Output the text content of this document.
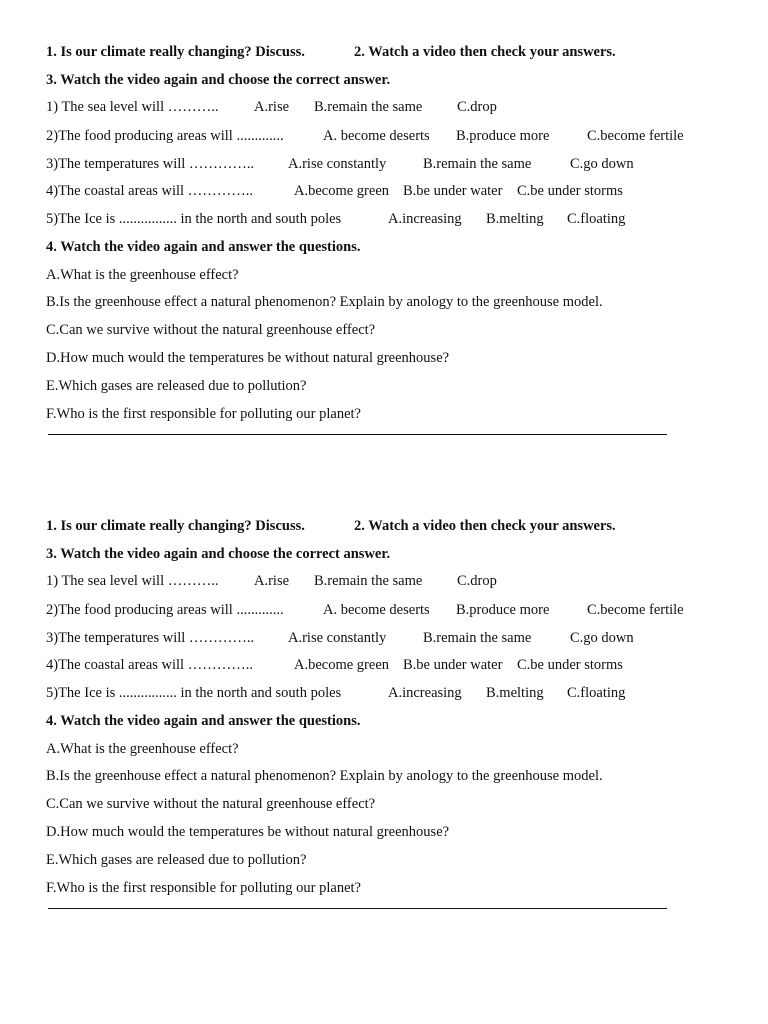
1. Is our climate really changing? Discuss.	2. Watch a video then check your answers.
3. Watch the video again and choose the correct answer.
1) The sea level will ……….. A.rise B.remain the same C.drop
2)The food producing areas will .............	A. become deserts B.produce more	C.become fertile
3)The temperatures will ………….. A.rise constantly	B.remain the same	C.go down
4)The coastal areas will …………..	A.become green B.be under water C.be under storms
5)The Ice is ................ in the north and south poles	A.increasing B.melting C.floating
4. Watch the video again and answer the questions.
A.What is the greenhouse effect?
B.Is the greenhouse effect a natural phenomenon? Explain by anology to the greenhouse model.
C.Can we survive without the natural greenhouse effect?
D.How much would the temperatures be without natural greenhouse?
E.Which gases are released due to pollution?
F.Who is the first responsible for polluting our planet?
1. Is our climate really changing? Discuss.	2. Watch a video then check your answers.
3. Watch the video again and choose the correct answer.
1) The sea level will ……….. A.rise B.remain the same C.drop
2)The food producing areas will .............	A. become deserts B.produce more	C.become fertile
3)The temperatures will ………….. A.rise constantly	B.remain the same	C.go down
4)The coastal areas will …………..	A.become green B.be under water C.be under storms
5)The Ice is ................ in the north and south poles	A.increasing B.melting C.floating
4. Watch the video again and answer the questions.
A.What is the greenhouse effect?
B.Is the greenhouse effect a natural phenomenon? Explain by anology to the greenhouse model.
C.Can we survive without the natural greenhouse effect?
D.How much would the temperatures be without natural greenhouse?
E.Which gases are released due to pollution?
F.Who is the first responsible for polluting our planet?
